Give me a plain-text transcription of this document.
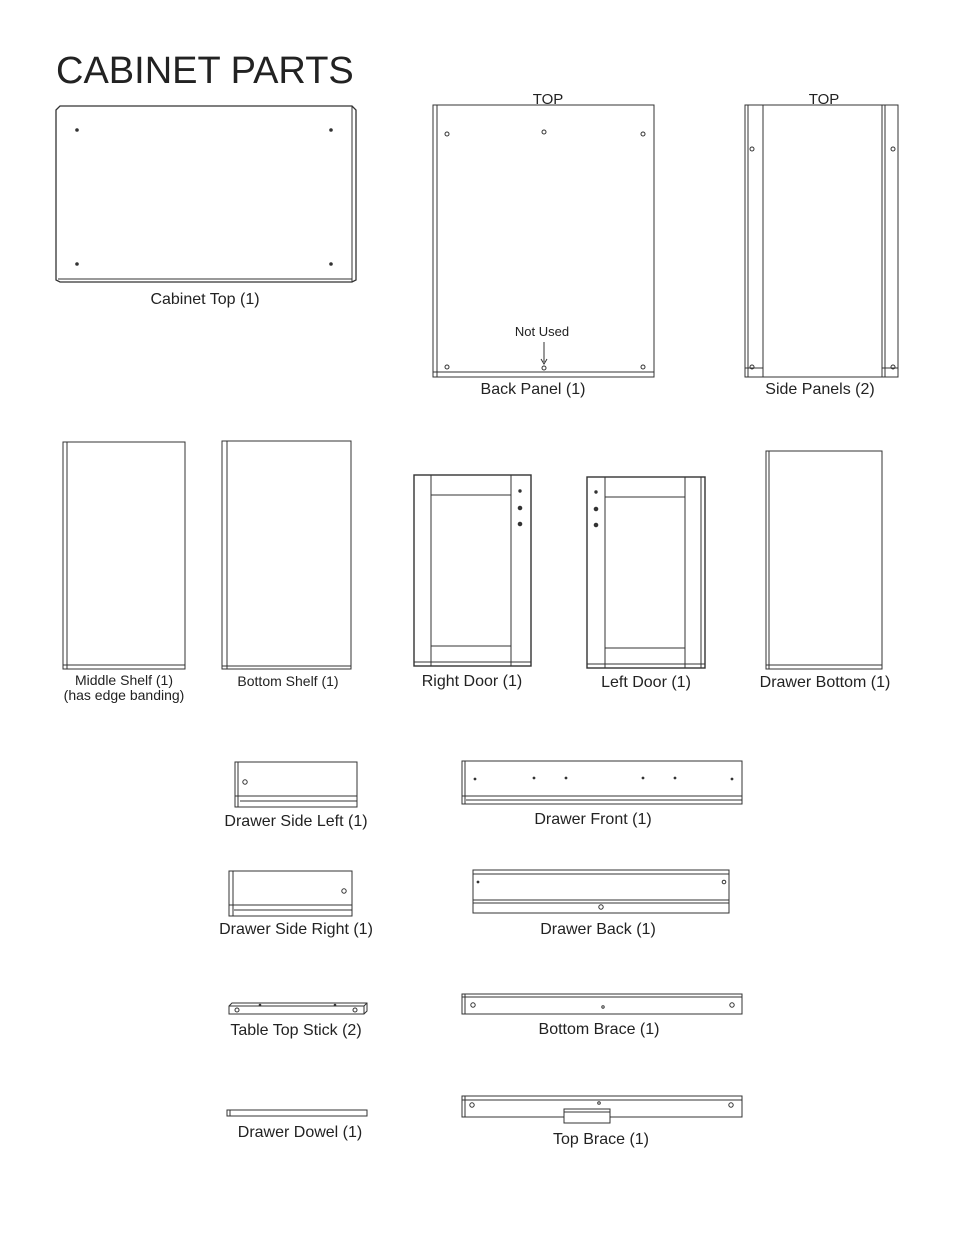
CABINET PARTS
Cabinet Top (1)
TOP
Not Used
Back Panel (1)
TOP
Side Panels (2)
Middle Shelf (1)
(has edge banding)
Bottom Shelf (1)	Right Door (1)	Left Door (1)	Drawer Bottom (1)
Drawer Side Left (1)	Drawer Front (1)
Drawer Side Right (1)	Drawer Back (1)
Table Top Stick (2)	Bottom Brace (1)
Drawer Dowel (1)	Top Brace (1)
